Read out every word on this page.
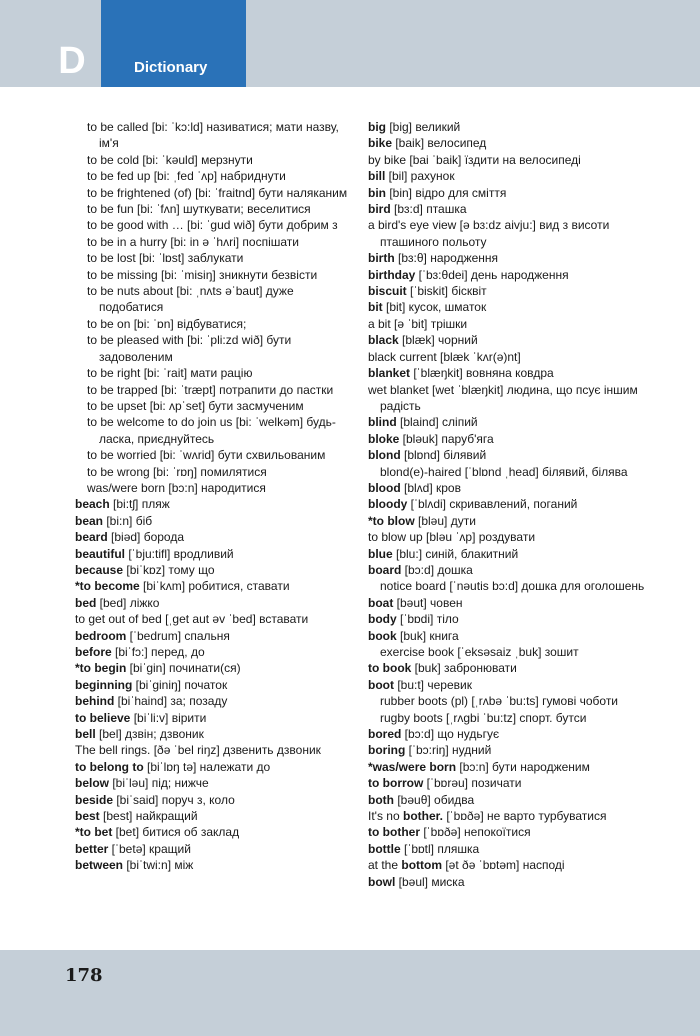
D	Dictionary
to be called [bi: ˈkɔ:ld] називатися; мати назву, ім'я
to be cold [bi: ˈkəuld] мерзнути
to be fed up [bi: ˌfed ˈʌp] набриднути
to be frightened (of) [bi: ˈfraitnd] бути наляканим
to be fun [bi: ˈfʌn] шуткувати; веселитися
to be good with … [bi: ˈgud wið] бути добрим з
to be in a hurry [bi: in ə ˈhʌri] поспішати
to be lost [bi: ˈlɒst] заблукати
to be missing [bi: ˈmisiŋ] зникнути безвісти
to be nuts about [bi: ˌnʌts əˈbaut] дуже подобатися
to be on [bi: ˈɒn] відбуватися;
to be pleased with [bi: ˈpli:zd wið] бути задоволеним
to be right [bi: ˈrait] мати рацію
to be trapped [bi: ˈtræpt] потрапити до пастки
to be upset [bi: ʌpˈset] бути засмученим
to be welcome to do join us [bi: ˈwelkəm] будь-ласка, приєднуйтесь
to be worried [bi: ˈwʌrid] бути схвильованим
to be wrong [bi: ˈrɒŋ] помилятися
was/were born [bɔ:n] народитися
beach [bi:tʃ] пляж
bean [bi:n] біб
beard [biəd] борода
beautiful [ˈbju:tifl] вродливий
because [biˈkɒz] тому що
*to become [biˈkʌm] робитися, ставати
bed [bed] ліжко
to get out of bed [ˌget aut əv ˈbed] вставати
bedroom [ˈbedrum] спальня
before [biˈfɔ:] перед, до
*to begin [biˈgin] починати(ся)
beginning [biˈginiŋ] початок
behind [biˈhaind] за; позаду
to believe [biˈli:v] вірити
bell [bel] дзвін; дзвоник
The bell rings. [ðə ˈbel riŋz] дзвенить дзвоник
to belong to [biˈlɒŋ tə] належати до
below [biˈləu] під; нижче
beside [biˈsaid] поруч з, коло
best [best] найкращий
*to bet [bet] битися об заклад
better [ˈbetə] кращий
between [biˈtwi:n] між
big [big] великий
bike [baik] велосипед
by bike [bai ˈbaik] їздити на велосипеді
bill [bil] рахунок
bin [bin] відро для сміття
bird [bɜ:d] пташка
a bird's eye view [ə bɜ:dz aivju:] вид з висоти пташиного польоту
birth [bɜ:θ] народження
birthday [ˈbɜ:θdei] день народження
biscuit [ˈbiskit] бісквіт
bit [bit] кусок, шматок
a bit [ə ˈbit] трішки
black [blæk] чорний
black current [blæk ˈkʌr(ə)nt]
blanket [ˈblæŋkit] вовняна ковдра
wet blanket [wet ˈblæŋkit] людина, що псує іншим радість
blind [blaind] сліпий
bloke [bləuk] паруб'яга
blond [blɒnd] білявий
blond(e)-haired [ˈblɒnd ˌhead] білявий, білява
blood [blʌd] кров
bloody [ˈblʌdi] скривавлений, поганий
*to blow [bləu] дути
to blow up [bləu ˈʌp] роздувати
blue [blu:] синій, блакитний
board [bɔ:d] дошка
notice board [ˈnəutis bɔ:d] дошка для оголошень
boat [bəut] човен
body [ˈbɒdi] тіло
book [buk] книга
exercise book [ˈeksəsaiz ˌbuk] зошит
to book [buk] забронювати
boot [bu:t] черевик
rubber boots (pl) [ˌrʌbə ˈbu:ts] гумові чоботи
rugby boots [ˌrʌgbi ˈbu:tz] спорт. бутси
bored [bɔ:d] що нудьгує
boring [ˈbɔ:riŋ] нудний
*was/were born [bɔ:n] бути народженим
to borrow [ˈbɒrəu] позичати
both [bəuθ] обидва
It's no bother. [ˈbɒðə] не варто турбуватися
to bother [ˈbɒðə] непокоїтися
bottle [ˈbɒtl] пляшка
at the bottom [ət ðə ˈbɒtəm] насподі
bowl [bəul] миска
178
